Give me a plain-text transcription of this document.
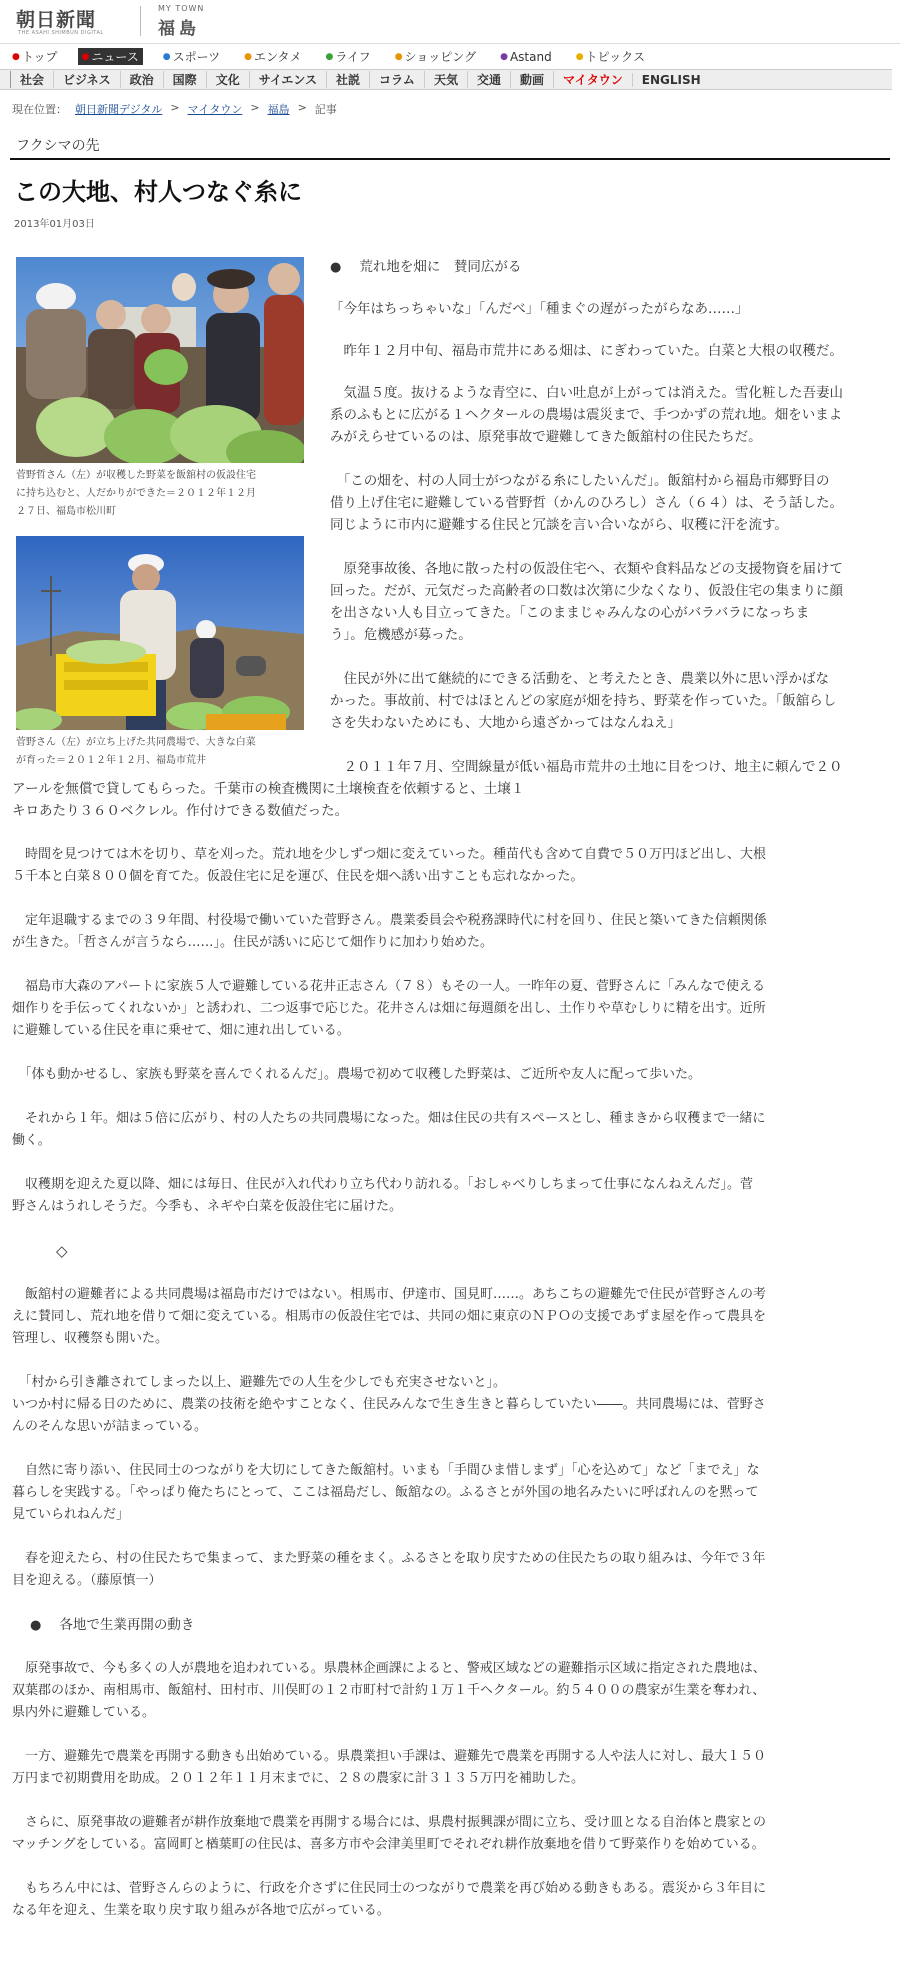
朝日新聞
THE ASAHI SHIMBUN DIGITAL
MY TOWN
福島
● トップ	● ニュース	● スポーツ	● エンタメ	● ライフ	● ショッピング	● Astand	● トピックス
社会	ビジネス	政治	国際	文化	サイエンス	社説	コラム	天気	交通	動画	マイタウン	ENGLISH
現在位置： 朝日新聞デジタル > マイタウン > 福島 > 記事
フクシマの先
この大地、村人つなぐ糸に
2013年01月03日
菅野哲さん（左）が収穫した野菜を飯舘村の仮設住宅
に持ち込むと、人だかりができた＝２０１２年１２月
２７日、福島市松川町
菅野さん（左）が立ち上げた共同農場で、大きな白菜
が育った＝２０１２年１２月、福島市荒井
● 荒れ地を畑に　賛同広がる
「今年はちっちゃいな」「んだべ」「種まぐの遅がったがらなあ……」
　昨年１２月中旬、福島市荒井にある畑は、にぎわっていた。白菜と大根の収穫だ。
　気温５度。抜けるような青空に、白い吐息が上がっては消えた。雪化粧した吾妻山
系のふもとに広がる１ヘクタールの農場は震災まで、手つかずの荒れ地。畑をいまよ
みがえらせているのは、原発事故で避難してきた飯舘村の住民たちだ。
　「この畑を、村の人同士がつながる糸にしたいんだ」。飯舘村から福島市郷野目の
借り上げ住宅に避難している菅野哲（かんのひろし）さん（６４）は、そう話した。
同じように市内に避難する住民と冗談を言い合いながら、収穫に汗を流す。
　原発事故後、各地に散った村の仮設住宅へ、衣類や食料品などの支援物資を届けて
回った。だが、元気だった高齢者の口数は次第に少なくなり、仮設住宅の集まりに顔
を出さない人も目立ってきた。「このままじゃみんなの心がバラバラになっちま
う」。危機感が募った。
　住民が外に出て継続的にできる活動を、と考えたとき、農業以外に思い浮かばな
かった。事故前、村ではほとんどの家庭が畑を持ち、野菜を作っていた。「飯舘らし
さを失わないためにも、大地から遠ざかってはなんねえ」
　２０１１年７月、空間線量が低い福島市荒井の土地に目をつけ、地主に頼んで２０
アールを無償で貸してもらった。千葉市の検査機関に土壌検査を依頼すると、土壌１
キロあたり３６０ベクレル。作付けできる数値だった。
　時間を見つけては木を切り、草を刈った。荒れ地を少しずつ畑に変えていった。種苗代も含めて自費で５０万円ほど出し、大根
５千本と白菜８００個を育てた。仮設住宅に足を運び、住民を畑へ誘い出すことも忘れなかった。
　定年退職するまでの３９年間、村役場で働いていた菅野さん。農業委員会や税務課時代に村を回り、住民と築いてきた信頼関係
が生きた。「哲さんが言うなら……」。住民が誘いに応じて畑作りに加わり始めた。
　福島市大森のアパートに家族５人で避難している花井正志さん（７８）もその一人。一昨年の夏、菅野さんに「みんなで使える
畑作りを手伝ってくれないか」と誘われ、二つ返事で応じた。花井さんは畑に毎週顔を出し、土作りや草むしりに精を出す。近所
に避難している住民を車に乗せて、畑に連れ出している。
　「体も動かせるし、家族も野菜を喜んでくれるんだ」。農場で初めて収穫した野菜は、ご近所や友人に配って歩いた。
　それから１年。畑は５倍に広がり、村の人たちの共同農場になった。畑は住民の共有スペースとし、種まきから収穫まで一緒に
働く。
　収穫期を迎えた夏以降、畑には毎日、住民が入れ代わり立ち代わり訪れる。「おしゃべりしちまって仕事になんねえんだ」。菅
野さんはうれしそうだ。今季も、ネギや白菜を仮設住宅に届けた。
◇
　飯舘村の避難者による共同農場は福島市だけではない。相馬市、伊達市、国見町……。あちこちの避難先で住民が菅野さんの考
えに賛同し、荒れ地を借りて畑に変えている。相馬市の仮設住宅では、共同の畑に東京のＮＰＯの支援であずま屋を作って農具を
管理し、収穫祭も開いた。
　「村から引き離されてしまった以上、避難先での人生を少しでも充実させないと」。
いつか村に帰る日のために、農業の技術を絶やすことなく、住民みんなで生き生きと暮らしていたい――。共同農場には、菅野さ
んのそんな思いが詰まっている。
　自然に寄り添い、住民同士のつながりを大切にしてきた飯舘村。いまも「手間ひま惜しまず」「心を込めて」など「までえ」な
暮らしを実践する。「やっぱり俺たちにとって、ここは福島だし、飯舘なの。ふるさとが外国の地名みたいに呼ばれんのを黙って
見ていられねんだ」
　春を迎えたら、村の住民たちで集まって、また野菜の種をまく。ふるさとを取り戻すための住民たちの取り組みは、今年で３年
目を迎える。（藤原慎一）
● 各地で生業再開の動き
　原発事故で、今も多くの人が農地を追われている。県農林企画課によると、警戒区域などの避難指示区域に指定された農地は、
双葉郡のほか、南相馬市、飯舘村、田村市、川俣町の１２市町村で計約１万１千ヘクタール。約５４００の農家が生業を奪われ、
県内外に避難している。
　一方、避難先で農業を再開する動きも出始めている。県農業担い手課は、避難先で農業を再開する人や法人に対し、最大１５０
万円まで初期費用を助成。２０１２年１１月末までに、２８の農家に計３１３５万円を補助した。
　さらに、原発事故の避難者が耕作放棄地で農業を再開する場合には、県農村振興課が間に立ち、受け皿となる自治体と農家との
マッチングをしている。富岡町と楢葉町の住民は、喜多方市や会津美里町でそれぞれ耕作放棄地を借りて野菜作りを始めている。
　もちろん中には、菅野さんらのように、行政を介さずに住民同士のつながりで農業を再び始める動きもある。震災から３年目に
なる年を迎え、生業を取り戻す取り組みが各地で広がっている。
